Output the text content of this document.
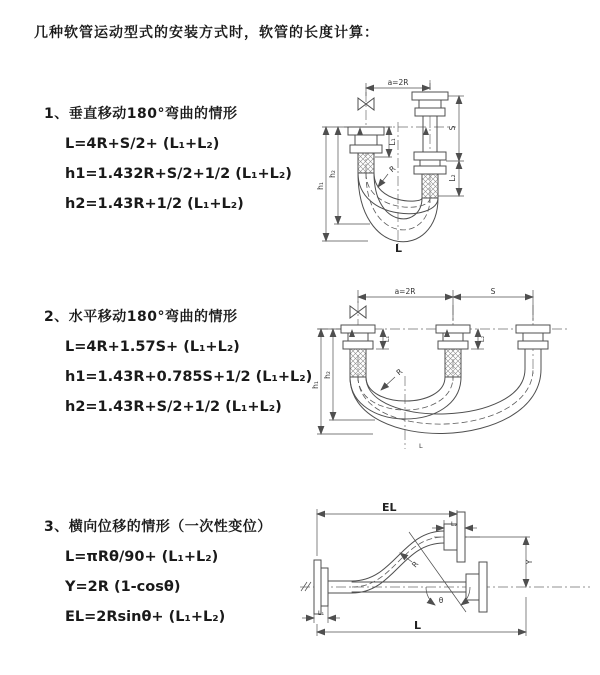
几种软管运动型式的安装方式时，软管的长度计算：
1、垂直移动180°弯曲的情形
L=4R+S/2+ (L₁+L₂)
h1=1.432R+S/2+1/2 (L₁+L₂)
h2=1.43R+1/2 (L₁+L₂)
2、水平移动180°弯曲的情形
L=4R+1.57S+ (L₁+L₂)
h1=1.43R+0.785S+1/2 (L₁+L₂)
h2=1.43R+S/2+1/2 (L₁+L₂)
3、横向位移的情形（一次性变位）
L=πRθ/90+ (L₁+L₂)
Y=2R (1-cosθ)
EL=2Rsinθ+ (L₁+L₂)
a=2R
S
L₂
L₁
h₁
h₂	R
L
a=2R	S
L₁	L₂
h₁
h₂	R
L
EL
L₂
L₁
Y
L
R
θ
